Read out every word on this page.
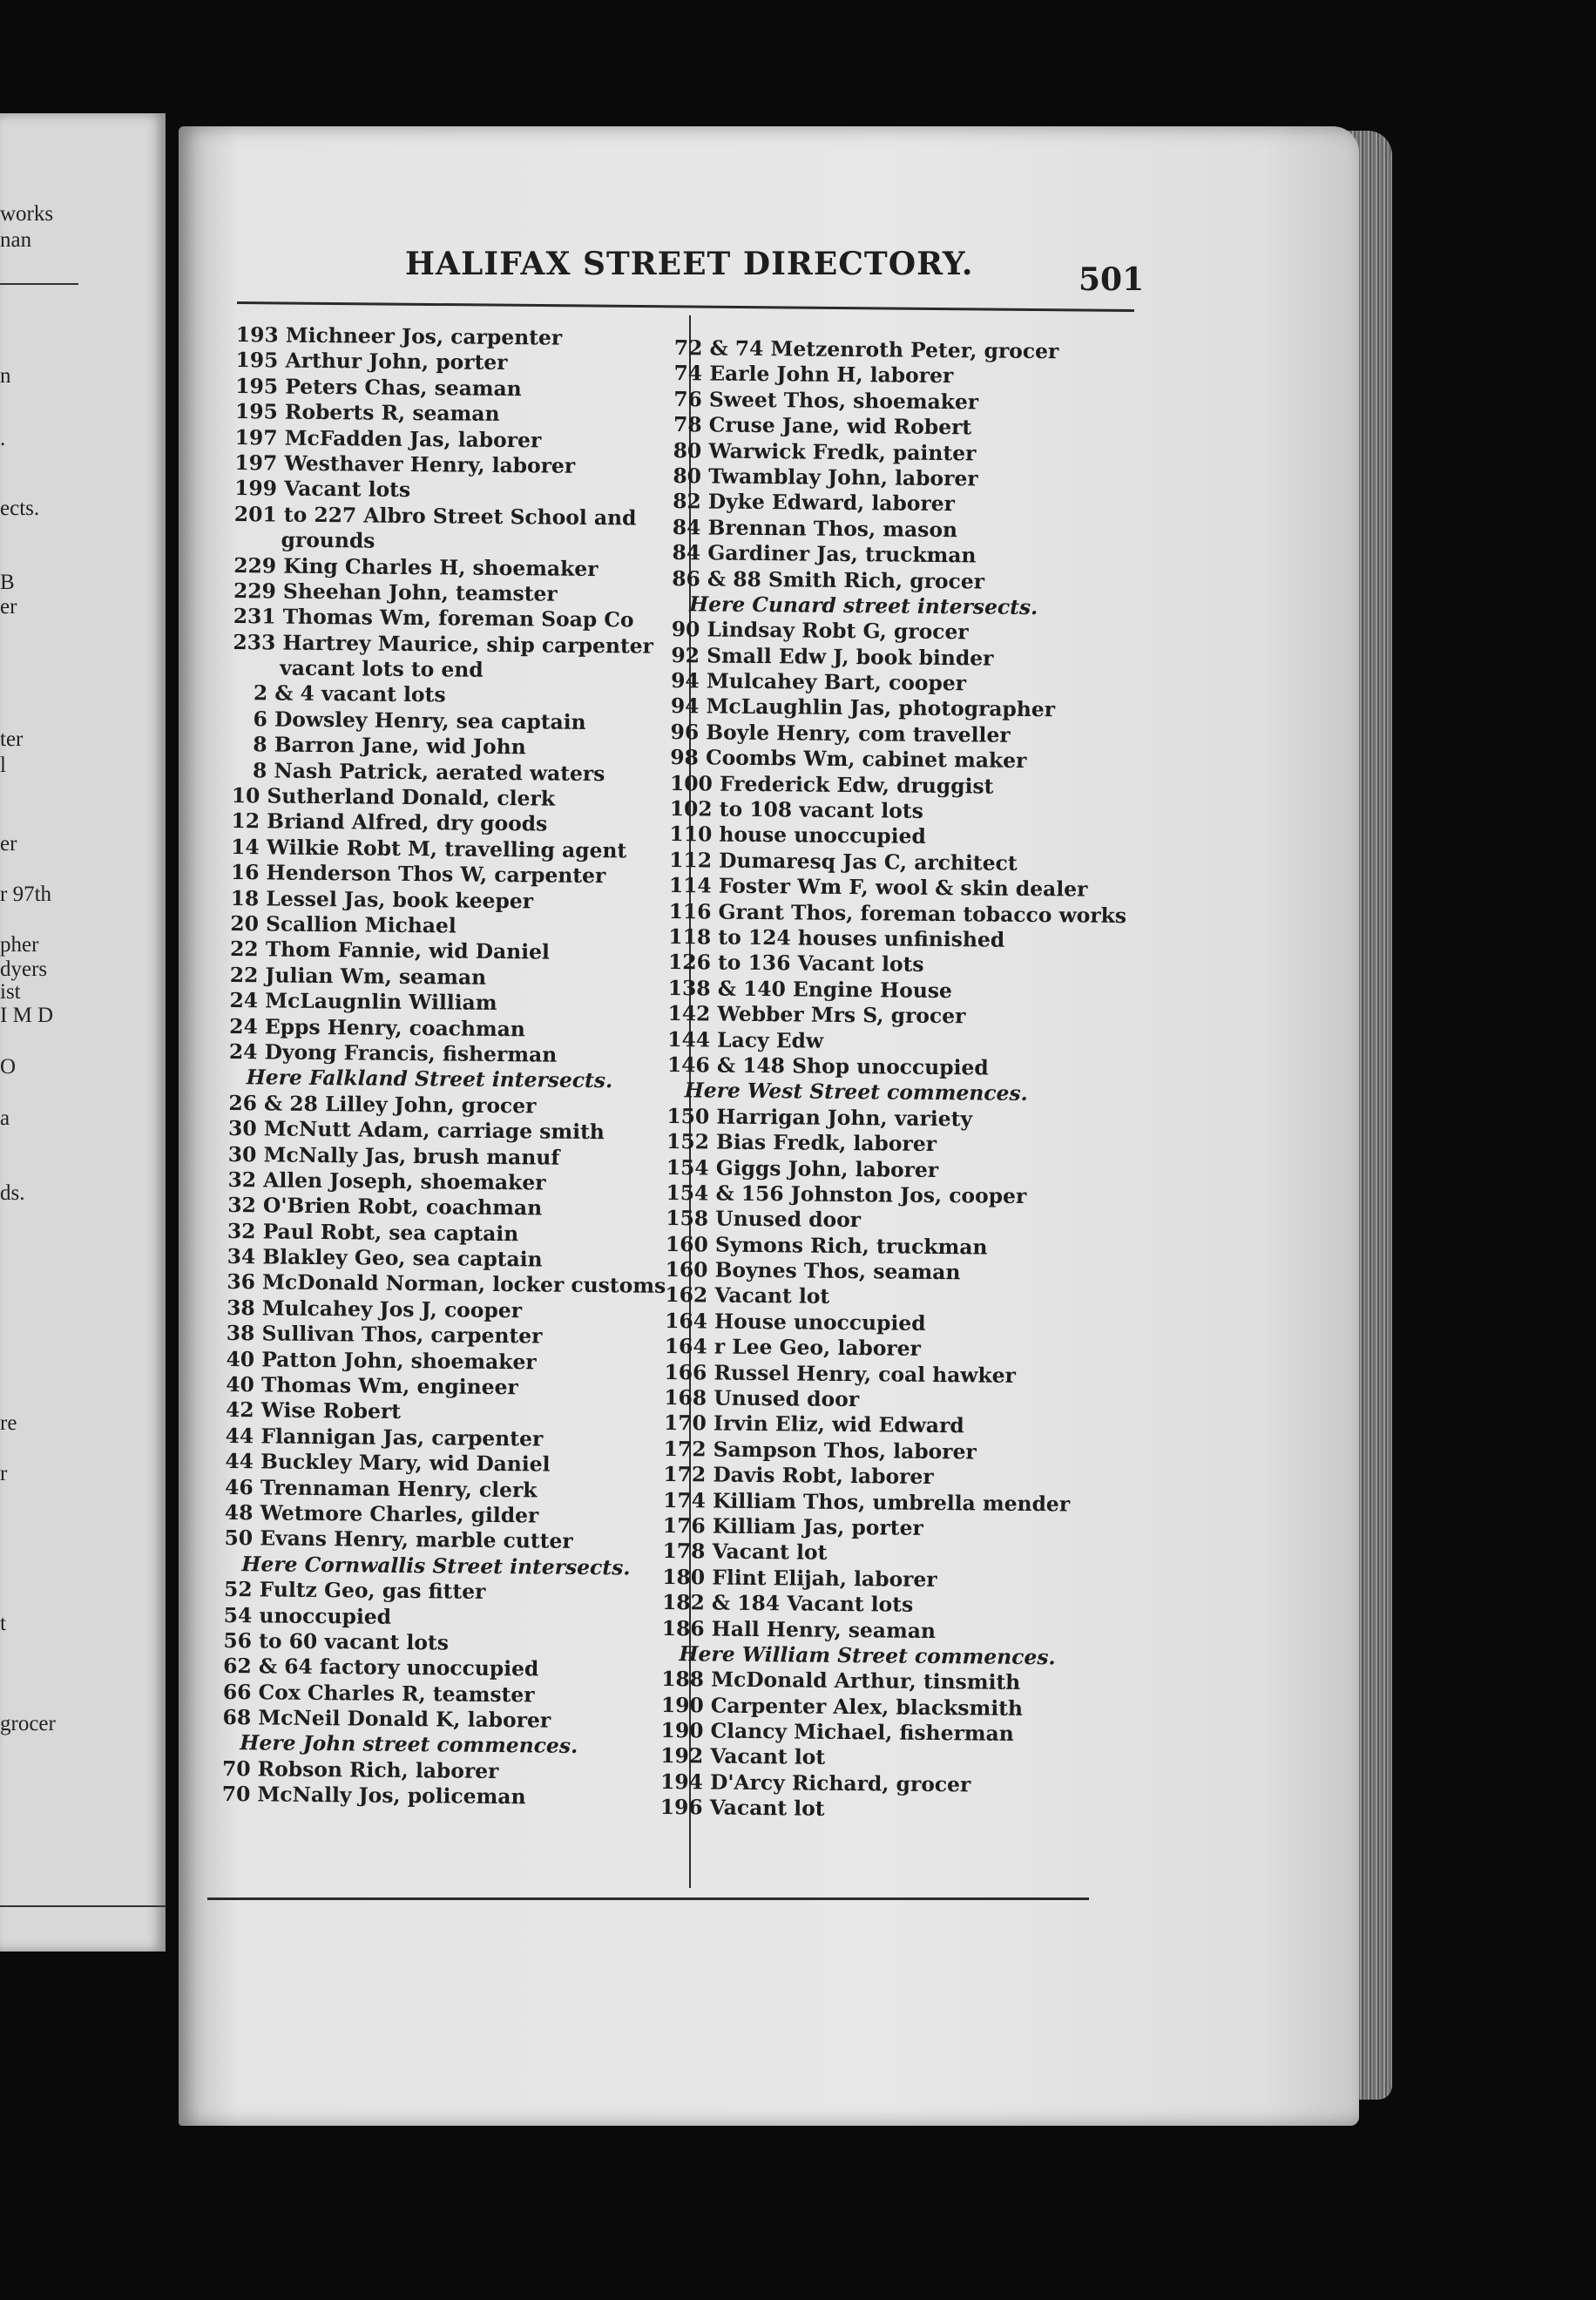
works
nan
n
.
ects.
B
er
ter
l
er
r 97th
pher
dyers
ist
I M D
O
a
ds.
re
r
t
grocer
HALIFAX STREET DIRECTORY.	501
193 Michneer Jos, carpenter
195 Arthur John, porter
195 Peters Chas, seaman
195 Roberts R, seaman
197 McFadden Jas, laborer
197 Westhaver Henry, laborer
199 Vacant lots
201 to 227 Albro Street School and
grounds
229 King Charles H, shoemaker
229 Sheehan John, teamster
231 Thomas Wm, foreman Soap Co
233 Hartrey Maurice, ship carpenter
vacant lots to end
2 & 4 vacant lots
6 Dowsley Henry, sea captain
8 Barron Jane, wid John
8 Nash Patrick, aerated waters
10 Sutherland Donald, clerk
12 Briand Alfred, dry goods
14 Wilkie Robt M, travelling agent
16 Henderson Thos W, carpenter
18 Lessel Jas, book keeper
20 Scallion Michael
22 Thom Fannie, wid Daniel
22 Julian Wm, seaman
24 McLaugnlin William
24 Epps Henry, coachman
24 Dyong Francis, fisherman
Here Falkland Street intersects.
26 & 28 Lilley John, grocer
30 McNutt Adam, carriage smith
30 McNally Jas, brush manuf
32 Allen Joseph, shoemaker
32 O'Brien Robt, coachman
32 Paul Robt, sea captain
34 Blakley Geo, sea captain
36 McDonald Norman, locker customs
38 Mulcahey Jos J, cooper
38 Sullivan Thos, carpenter
40 Patton John, shoemaker
40 Thomas Wm, engineer
42 Wise Robert
44 Flannigan Jas, carpenter
44 Buckley Mary, wid Daniel
46 Trennaman Henry, clerk
48 Wetmore Charles, gilder
50 Evans Henry, marble cutter
Here Cornwallis Street intersects.
52 Fultz Geo, gas fitter
54 unoccupied
56 to 60 vacant lots
62 & 64 factory unoccupied
66 Cox Charles R, teamster
68 McNeil Donald K, laborer
Here John street commences.
70 Robson Rich, laborer
70 McNally Jos, policeman
72 & 74 Metzenroth Peter, grocer
74 Earle John H, laborer
76 Sweet Thos, shoemaker
78 Cruse Jane, wid Robert
80 Warwick Fredk, painter
80 Twamblay John, laborer
82 Dyke Edward, laborer
84 Brennan Thos, mason
84 Gardiner Jas, truckman
86 & 88 Smith Rich, grocer
Here Cunard street intersects.
90 Lindsay Robt G, grocer
92 Small Edw J, book binder
94 Mulcahey Bart, cooper
94 McLaughlin Jas, photographer
96 Boyle Henry, com traveller
98 Coombs Wm, cabinet maker
100 Frederick Edw, druggist
102 to 108 vacant lots
110 house unoccupied
112 Dumaresq Jas C, architect
114 Foster Wm F, wool & skin dealer
116 Grant Thos, foreman tobacco works
118 to 124 houses unfinished
126 to 136 Vacant lots
138 & 140 Engine House
142 Webber Mrs S, grocer
144 Lacy Edw
146 & 148 Shop unoccupied
Here West Street commences.
150 Harrigan John, variety
152 Bias Fredk, laborer
154 Giggs John, laborer
154 & 156 Johnston Jos, cooper
158 Unused door
160 Symons Rich, truckman
160 Boynes Thos, seaman
162 Vacant lot
164 House unoccupied
164 r Lee Geo, laborer
166 Russel Henry, coal hawker
168 Unused door
170 Irvin Eliz, wid Edward
172 Sampson Thos, laborer
172 Davis Robt, laborer
174 Killiam Thos, umbrella mender
176 Killiam Jas, porter
178 Vacant lot
180 Flint Elijah, laborer
182 & 184 Vacant lots
186 Hall Henry, seaman
Here William Street commences.
188 McDonald Arthur, tinsmith
190 Carpenter Alex, blacksmith
190 Clancy Michael, fisherman
192 Vacant lot
194 D'Arcy Richard, grocer
196 Vacant lot
